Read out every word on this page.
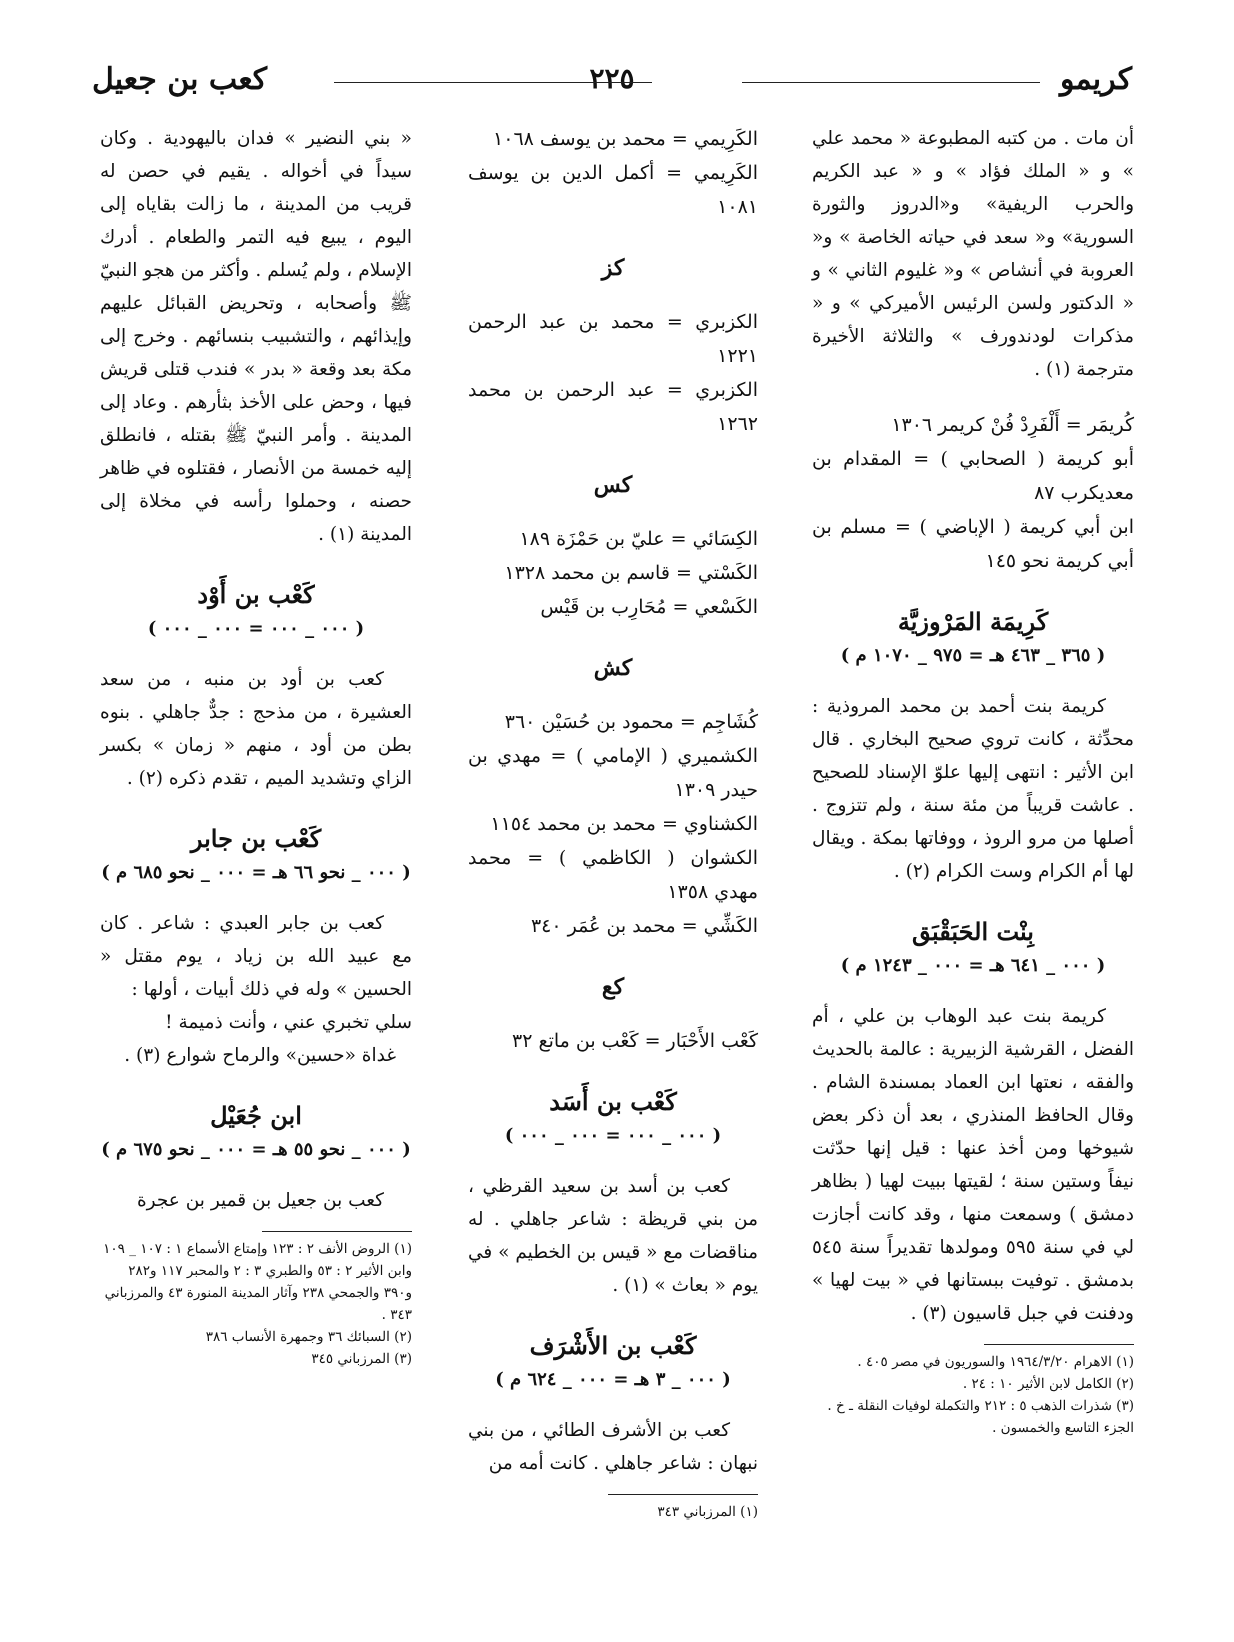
كريمو
٢٢٥
كعب بن جعيل

أن مات . من كتبه المطبوعة « محمد علي » و « الملك فؤاد » و « عبد الكريم والحرب الريفية» و«الدروز والثورة السورية» و« سعد في حياته الخاصة » و« العروبة في أنشاص » و« غليوم الثاني » و « الدكتور ولسن الرئيس الأميركي » و « مذكرات لودندورف » والثلاثة الأخيرة مترجمة (١) .

كُريمَر = أَلْفَرِدْ فُنْ كريمر ١٣٠٦

أبو كريمة ( الصحابي ) = المقدام بن معديكرب ٨٧

ابن أبي كريمة ( الإباضي ) = مسلم بن أبي كريمة نحو ١٤٥

كَرِيمَة المَرْوزيَّة
( ٣٦٥ _ ٤٦٣ هـ = ٩٧٥ _ ١٠٧٠ م )

كريمة بنت أحمد بن محمد المروذية : محدِّثة ، كانت تروي صحيح البخاري . قال ابن الأثير : انتهى إليها علوّ الإسناد للصحيح . عاشت قريباً من مئة سنة ، ولم تتزوج . أصلها من مرو الروذ ، ووفاتها بمكة . ويقال لها أم الكرام وست الكرام (٢) .

بِنْت الحَبَقْبَق
( ٠٠٠ _ ٦٤١ هـ = ٠٠٠ _ ١٢٤٣ م )

كريمة بنت عبد الوهاب بن علي ، أم الفضل ، القرشية الزبيرية : عالمة بالحديث والفقه ، نعتها ابن العماد بمسندة الشام . وقال الحافظ المنذري ، بعد أن ذكر بعض شيوخها ومن أخذ عنها : قيل إنها حدّثت نيفاً وستين سنة ؛ لقيتها ببيت لهيا ( بظاهر دمشق ) وسمعت منها ، وقد كانت أجازت لي في سنة ٥٩٥ ومولدها تقديراً سنة ٥٤٥ بدمشق . توفيت ببستانها في « بيت لهيا » ودفنت في جبل قاسيون (٣) .

(١) الاهرام ١٩٦٤/٣/٢٠ والسوريون في مصر ٤٠٥ .

(٢) الكامل لابن الأثير ١٠ : ٢٤ .

(٣) شذرات الذهب ٥ : ٢١٢ والتكملة لوفيات النقلة ـ خ . الجزء التاسع والخمسون .

الكَرِيمي = محمد بن يوسف ١٠٦٨

الكَرِيمي = أكمل الدين بن يوسف ١٠٨١

كز

الكزبري = محمد بن عبد الرحمن ١٢٢١

الكزبري = عبد الرحمن بن محمد ١٢٦٢

كس

الكِسَائي = عليّ بن حَمْزَة ١٨٩

الكَسْتي = قاسم بن محمد ١٣٢٨

الكَسْعي = مُحَارِب بن قَيْس

كش

كُشَاجِم = محمود بن حُسَيْن ٣٦٠

الكشميري ( الإمامي ) = مهدي بن حيدر ١٣٠٩

الكشناوي = محمد بن محمد ١١٥٤

الكشوان ( الكاظمي ) = محمد مهدي ١٣٥٨

الكَشِّي = محمد بن عُمَر ٣٤٠

كع

كَعْب الأَحْبَار = كَعْب بن ماتع ٣٢

كَعْب بن أَسَد
( ٠٠٠ _ ٠٠٠ = ٠٠٠ _ ٠٠٠ )

كعب بن أسد بن سعيد القرظي ، من بني قريظة : شاعر جاهلي . له مناقضات مع « قيس بن الخطيم » في يوم « بعاث » (١) .

كَعْب بن الأَشْرَف
( ٠٠٠ _ ٣ هـ = ٠٠٠ _ ٦٢٤ م )

كعب بن الأشرف الطائي ، من بني نبهان : شاعر جاهلي . كانت أمه من

(١) المرزباني ٣٤٣

« بني النضير » فدان باليهودية . وكان سيداً في أخواله . يقيم في حصن له قريب من المدينة ، ما زالت بقاياه إلى اليوم ، يبيع فيه التمر والطعام . أدرك الإسلام ، ولم يُسلم . وأكثر من هجو النبيّ ﷺ وأصحابه ، وتحريض القبائل عليهم وإيذائهم ، والتشبيب بنسائهم . وخرج إلى مكة بعد وقعة « بدر » فندب قتلى قريش فيها ، وحض على الأخذ بثأرهم . وعاد إلى المدينة . وأمر النبيّ ﷺ بقتله ، فانطلق إليه خمسة من الأنصار ، فقتلوه في ظاهر حصنه ، وحملوا رأسه في مخلاة إلى المدينة (١) .

كَعْب بن أَوْد
( ٠٠٠ _ ٠٠٠ = ٠٠٠ _ ٠٠٠ )

كعب بن أود بن منبه ، من سعد العشيرة ، من مذحج : جدٌّ جاهلي . بنوه بطن من أود ، منهم « زمان » بكسر الزاي وتشديد الميم ، تقدم ذكره (٢) .

كَعْب بن جابر
( ٠٠٠ _ نحو ٦٦ هـ = ٠٠٠ _ نحو ٦٨٥ م )

كعب بن جابر العبدي : شاعر . كان مع عبيد الله بن زياد ، يوم مقتل « الحسين » وله في ذلك أبيات ، أولها :

سلي تخبري عني ، وأنت ذميمة !

غداة «حسين» والرماح شوارع (٣) .

ابن جُعَيْل
( ٠٠٠ _ نحو ٥٥ هـ = ٠٠٠ _ نحو ٦٧٥ م )

كعب بن جعيل بن قمير بن عجرة

(١) الروض الأنف ٢ : ١٢٣ وإمتاع الأسماع ١ : ١٠٧ _ ١٠٩ وابن الأثير ٢ : ٥٣ والطبري ٣ : ٢ والمحبر ١١٧ و٢٨٢ و٣٩٠ والجمحي ٢٣٨ وآثار المدينة المنورة ٤٣ والمرزباني ٣٤٣ .

(٢) السبائك ٣٦ وجمهرة الأنساب ٣٨٦

(٣) المرزباني ٣٤٥
